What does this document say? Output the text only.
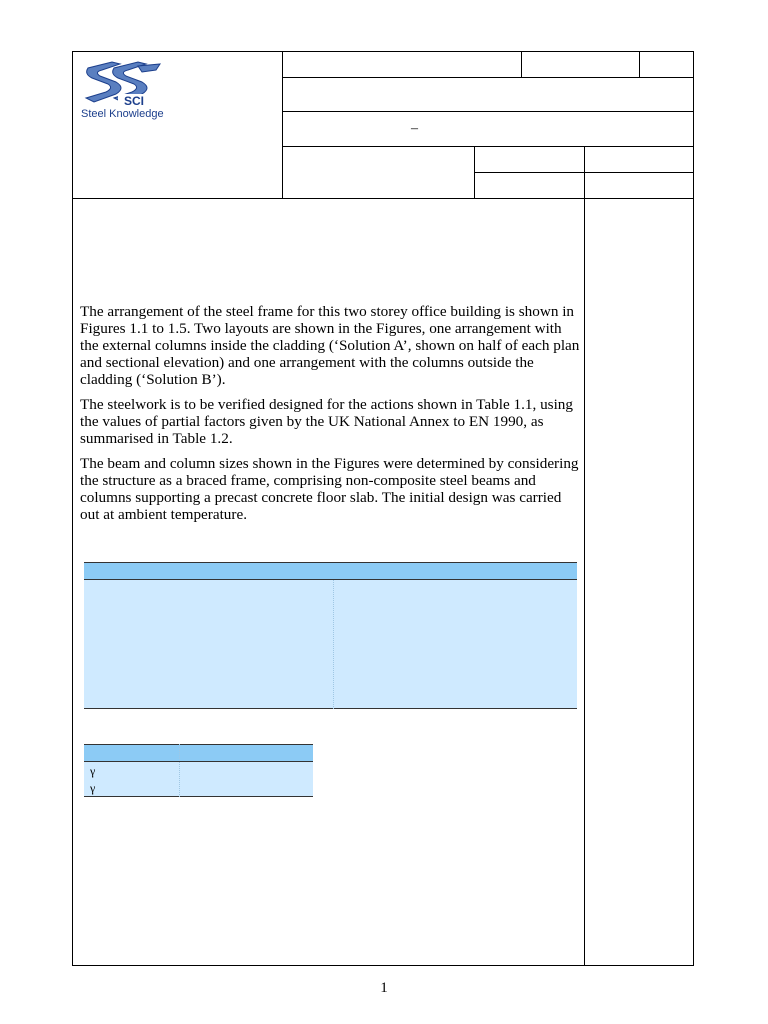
SCI
Steel Knowledge
–

The arrangement of the steel frame for this two storey office building is shown in Figures 1.1 to 1.5. Two layouts are shown in the Figures, one arrangement with the external columns inside the cladding (‘Solution A’, shown on half of each plan and sectional elevation) and one arrangement with the columns outside the cladding (‘Solution B’).

The steelwork is to be verified designed for the actions shown in Table 1.1, using the values of partial factors given by the UK National Annex to EN 1990, as summarised in Table 1.2.

The beam and column sizes shown in the Figures were determined by considering the structure as a braced frame, comprising non-composite steel beams and columns supporting a precast concrete floor slab. The initial design was carried out at ambient temperature.

γ
γ
1
